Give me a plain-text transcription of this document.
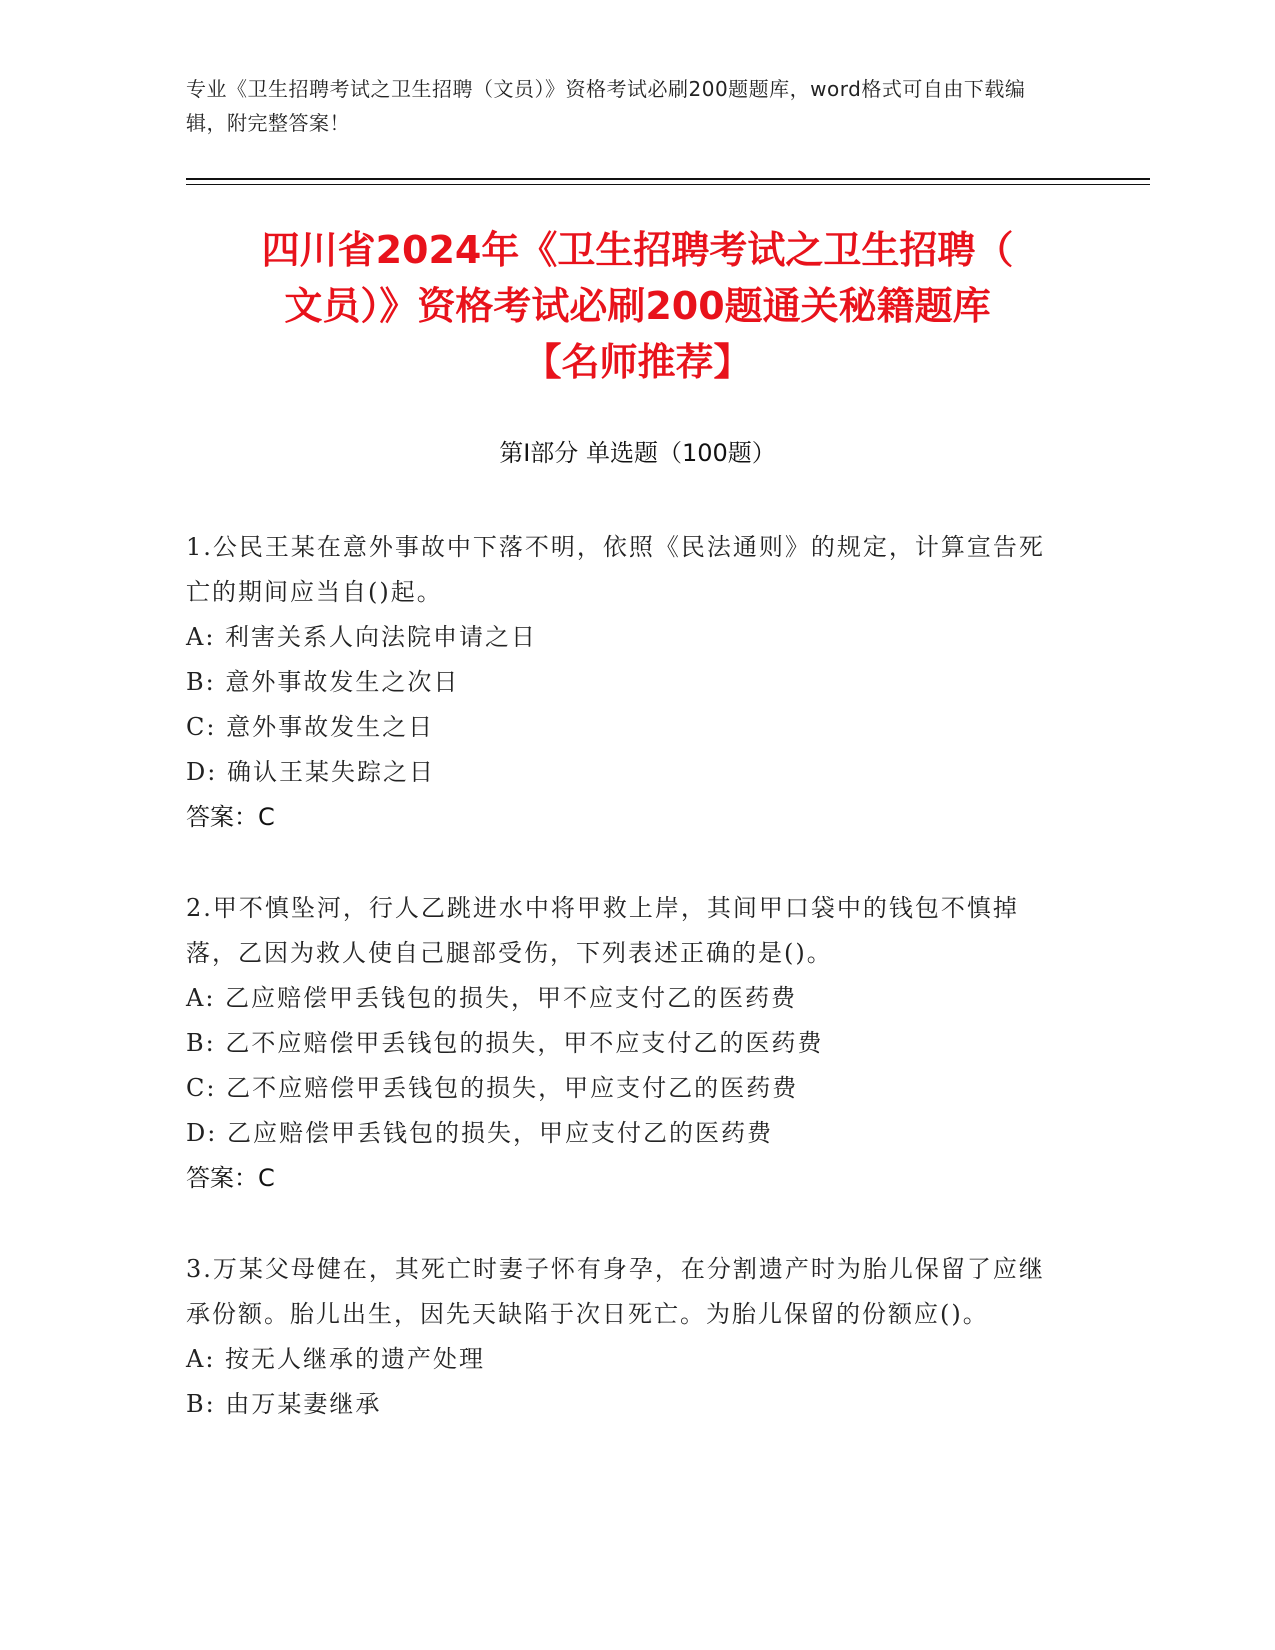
专业《卫生招聘考试之卫生招聘（文员）》资格考试必刷200题题库，word格式可自由下载编辑，附完整答案！
四川省2024年《卫生招聘考试之卫生招聘（
文员）》资格考试必刷200题通关秘籍题库
【名师推荐】
第Ⅰ部分 单选题（100题）

1.公民王某在意外事故中下落不明，依照《民法通则》的规定，计算宣告死亡的期间应当自()起。

A: 利害关系人向法院申请之日

B: 意外事故发生之次日

C: 意外事故发生之日

D: 确认王某失踪之日

答案：C

2.甲不慎坠河，行人乙跳进水中将甲救上岸，其间甲口袋中的钱包不慎掉落，乙因为救人使自己腿部受伤，下列表述正确的是()。

A: 乙应赔偿甲丢钱包的损失，甲不应支付乙的医药费

B: 乙不应赔偿甲丢钱包的损失，甲不应支付乙的医药费

C: 乙不应赔偿甲丢钱包的损失，甲应支付乙的医药费

D: 乙应赔偿甲丢钱包的损失，甲应支付乙的医药费

答案：C

3.万某父母健在，其死亡时妻子怀有身孕，在分割遗产时为胎儿保留了应继承份额。胎儿出生，因先天缺陷于次日死亡。为胎儿保留的份额应()。

A: 按无人继承的遗产处理

B: 由万某妻继承
